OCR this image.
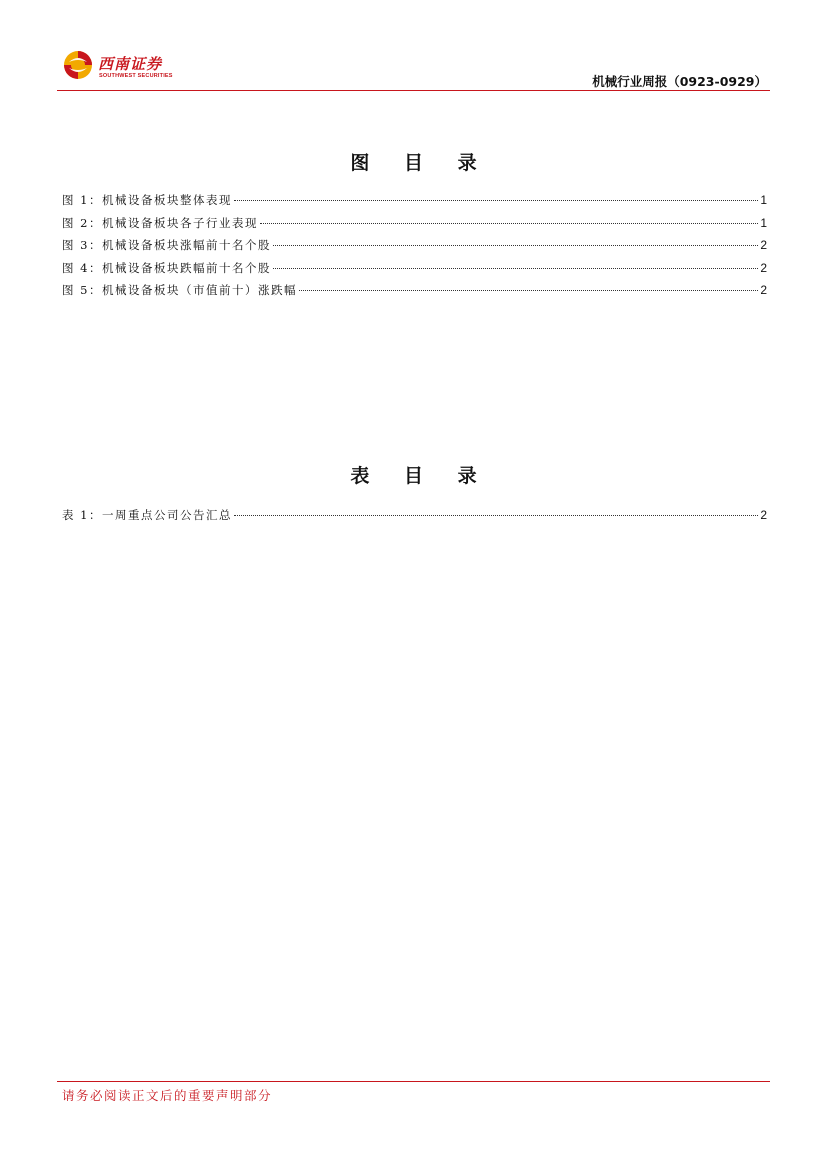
西南证券
SOUTHWEST SECURITIES	机械行业周报（0923-0929）
图 目 录
图 1：机械设备板块整体表现	1
图 2：机械设备板块各子行业表现	1
图 3：机械设备板块涨幅前十名个股	2
图 4：机械设备板块跌幅前十名个股	2
图 5：机械设备板块（市值前十）涨跌幅	2
表 目 录
表 1：一周重点公司公告汇总	2
请务必阅读正文后的重要声明部分
